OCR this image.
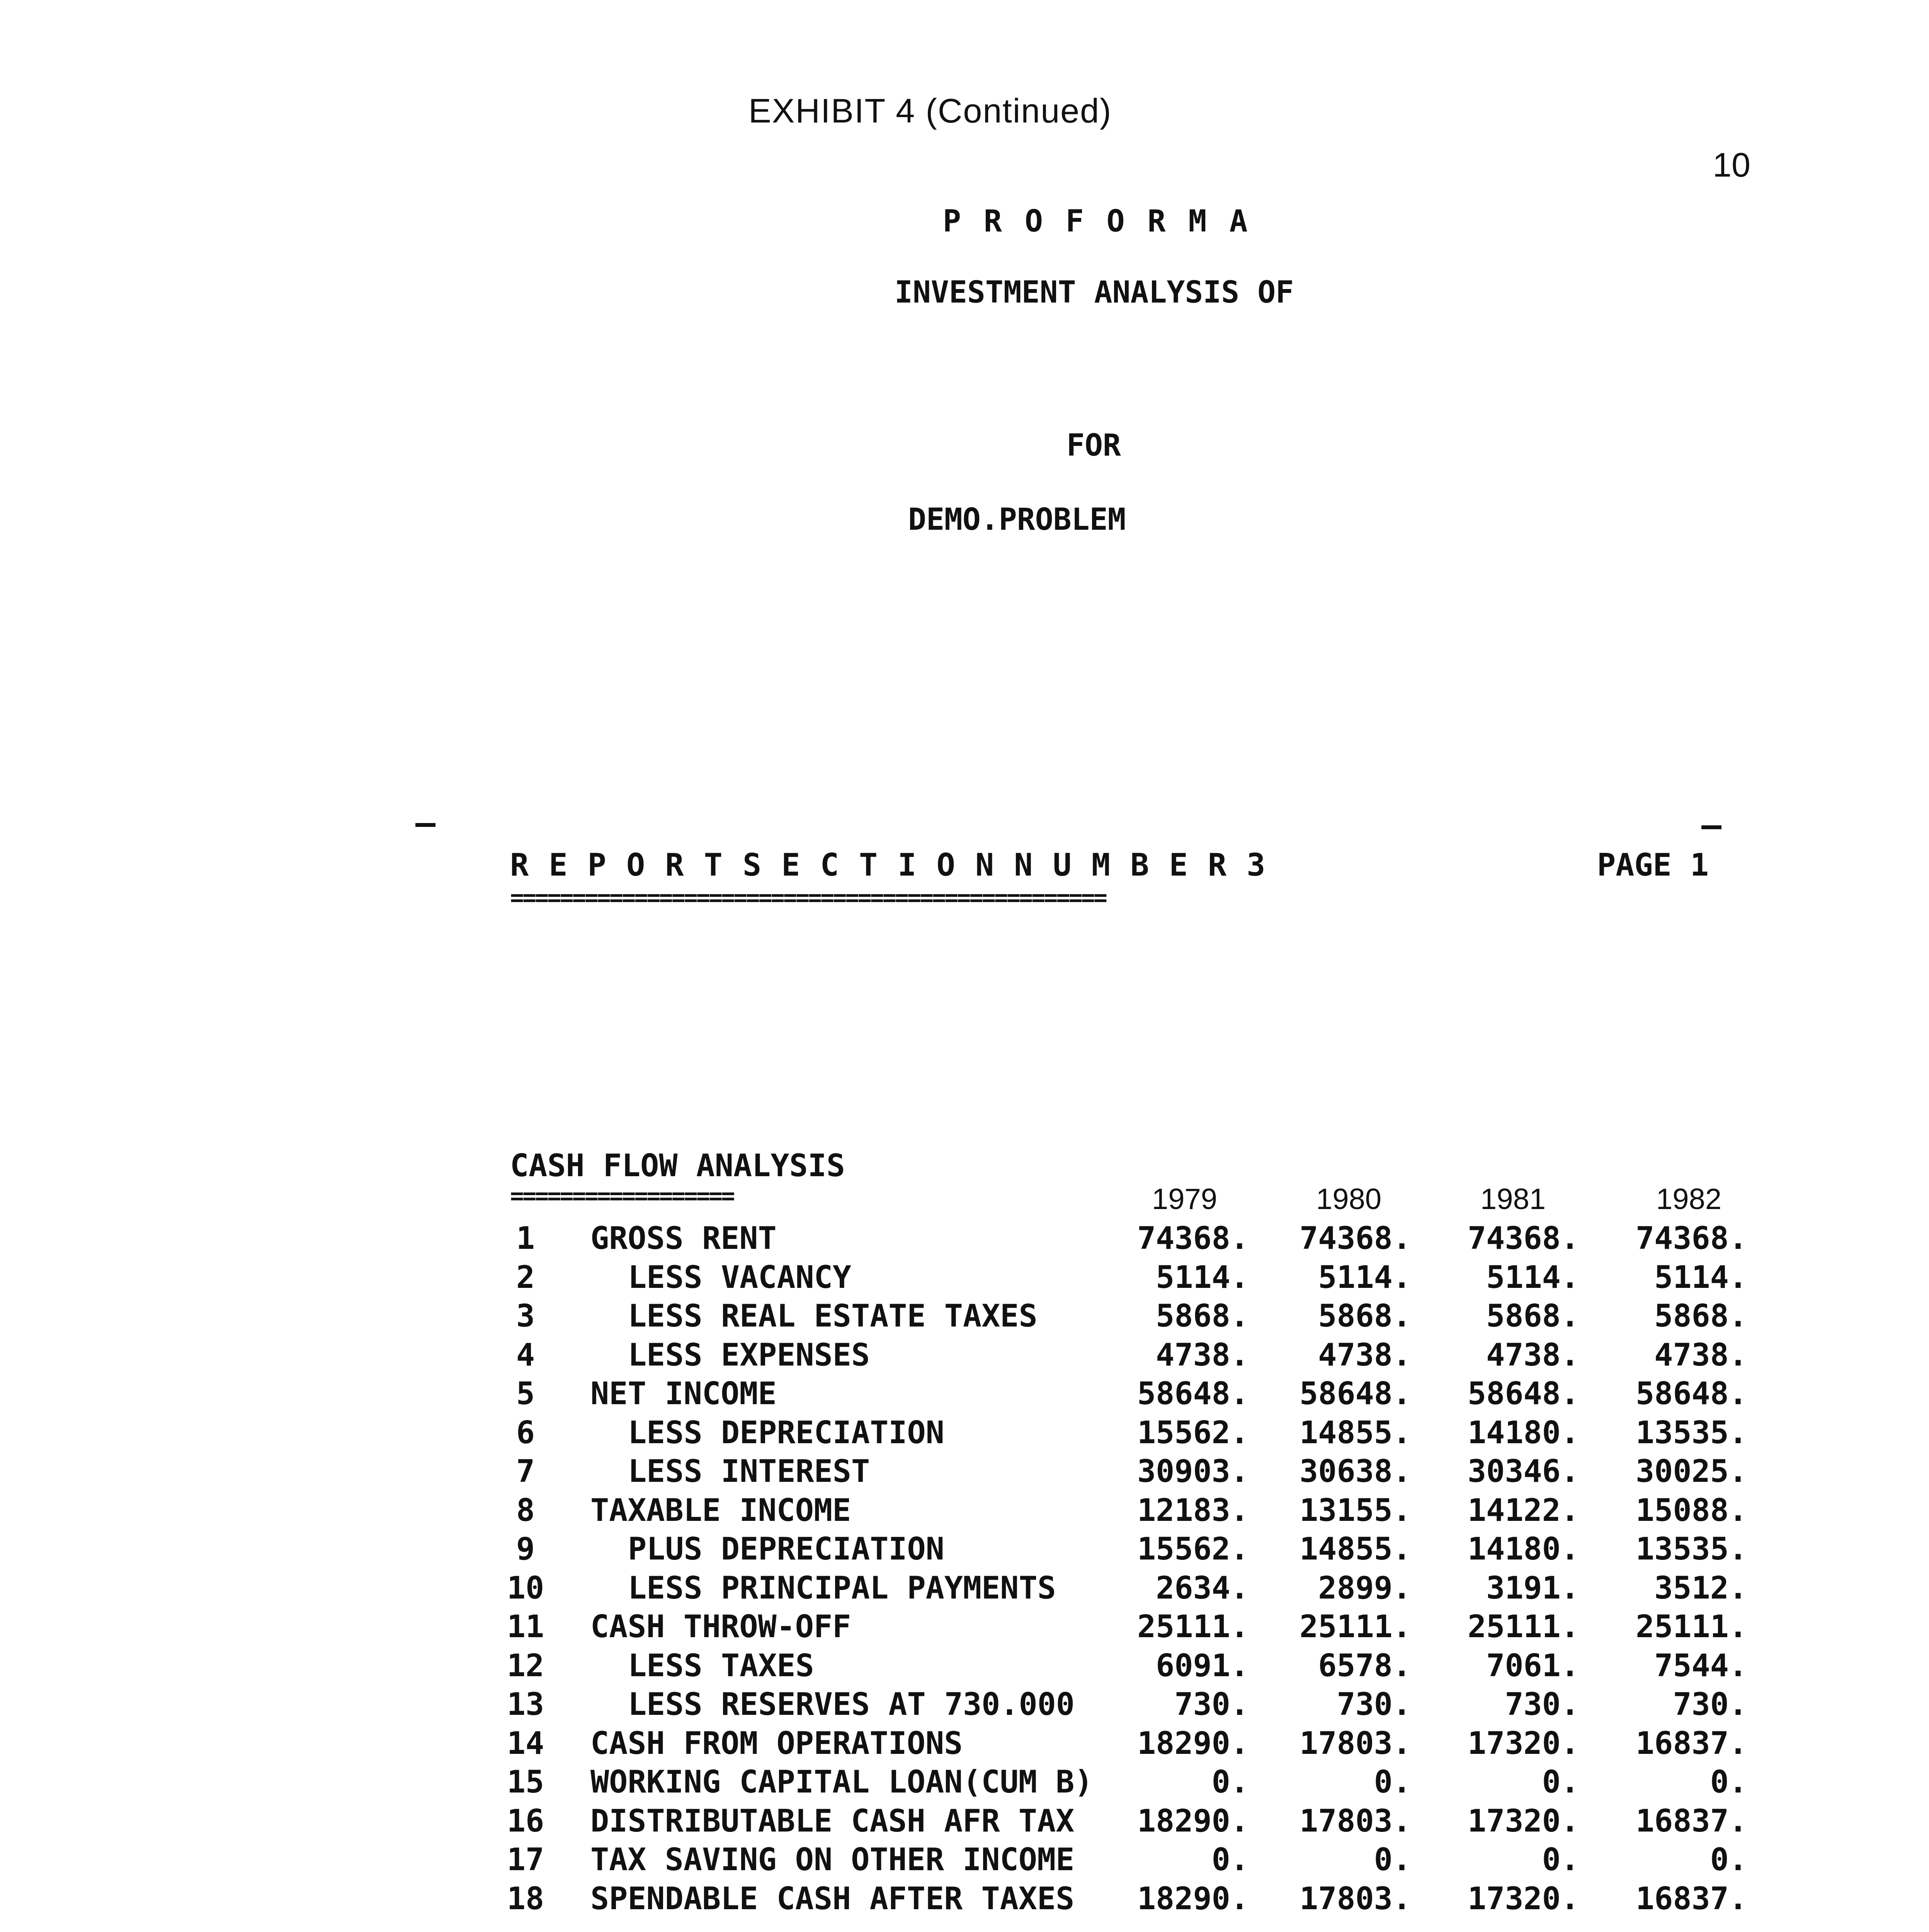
EXHIBIT 4 (Continued)
10
P R O F O R M A
INVESTMENT ANALYSIS OF
FOR
DEMO.PROBLEM
R E P O R T S E C T I O N N U M B E R 3	PAGE 1
================================================
CASH FLOW ANALYSIS
==================	1979	1980	1981	1982
1	GROSS RENT	74368.	74368.	74368.	74368.
2	LESS VACANCY	5114.	5114.	5114.	5114.
3	LESS REAL ESTATE TAXES	5868.	5868.	5868.	5868.
4	LESS EXPENSES	4738.	4738.	4738.	4738.
5	NET INCOME	58648.	58648.	58648.	58648.
6	LESS DEPRECIATION	15562.	14855.	14180.	13535.
7	LESS INTEREST	30903.	30638.	30346.	30025.
8	TAXABLE INCOME	12183.	13155.	14122.	15088.
9	PLUS DEPRECIATION	15562.	14855.	14180.	13535.
10	LESS PRINCIPAL PAYMENTS	2634.	2899.	3191.	3512.
11 CASH THROW-OFF	25111.	25111.	25111.	25111.
12	LESS TAXES	6091.	6578.	7061.	7544.
13	LESS RESERVES AT 730.000	730.	730.	730.	730.
14 CASH FROM OPERATIONS	18290.	17803.	17320.	16837.
15 WORKING CAPITAL LOAN(CUM B)	0.	0.	0.	0.
16 DISTRIBUTABLE CASH AFR TAX	18290.	17803.	17320.	16837.
17 TAX SAVING ON OTHER INCOME	0.	0.	0.	0.
18 SPENDABLE CASH AFTER TAXES	18290.	17803.	17320.	16837.
